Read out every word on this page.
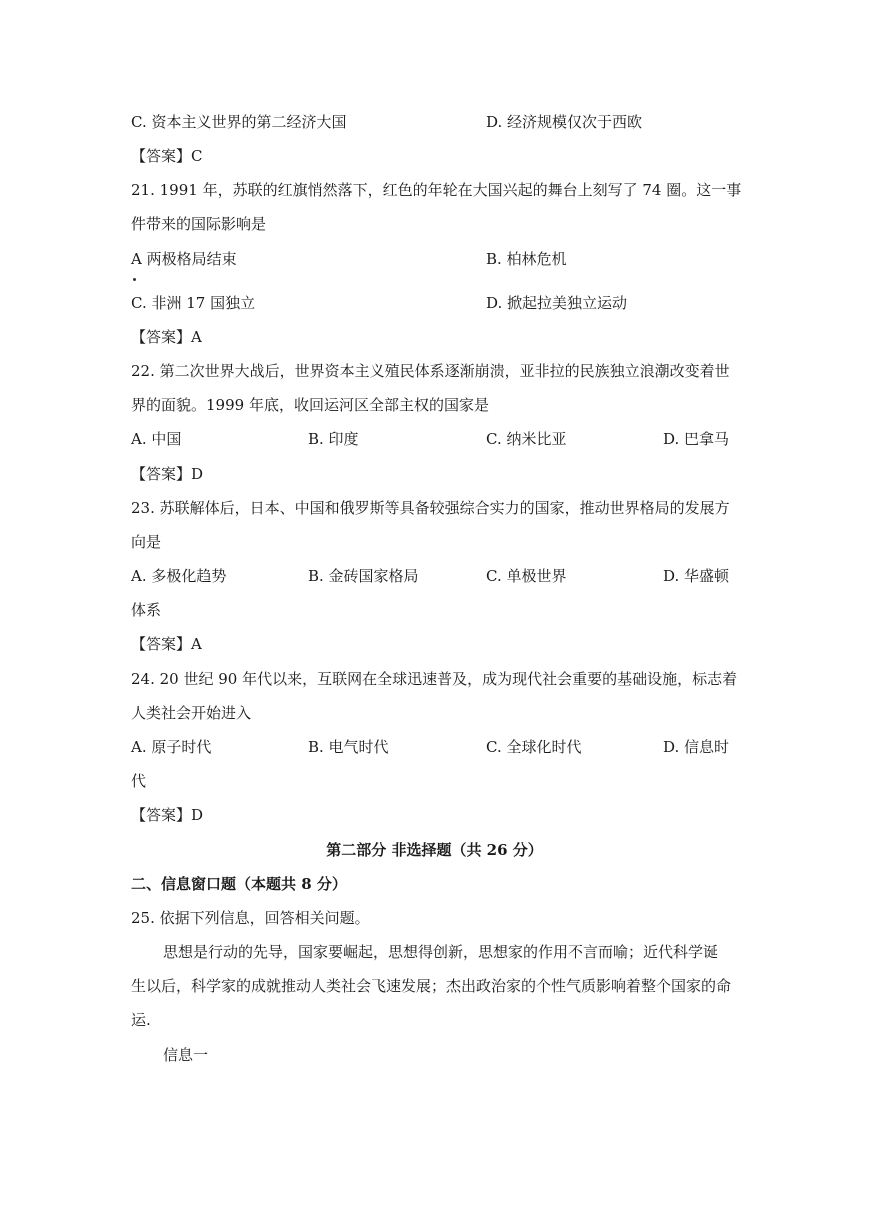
C. 资本主义世界的第二经济大国	D. 经济规模仅次于西欧
【答案】C
21. 1991 年，苏联的红旗悄然落下，红色的年轮在大国兴起的舞台上刻写了 74 圈。这一事
件带来的国际影响是
A 两极格局结束	B. 柏林危机
C. 非洲 17 国独立	D. 掀起拉美独立运动
【答案】A
22. 第二次世界大战后，世界资本主义殖民体系逐渐崩溃，亚非拉的民族独立浪潮改变着世
界的面貌。1999 年底，收回运河区全部主权的国家是
A. 中国	B. 印度	C. 纳米比亚	D. 巴拿马
【答案】D
23. 苏联解体后，日本、中国和俄罗斯等具备较强综合实力的国家，推动世界格局的发展方
向是
A. 多极化趋势	B. 金砖国家格局	C. 单极世界	D. 华盛顿
体系
【答案】A
24. 20 世纪 90 年代以来，互联网在全球迅速普及，成为现代社会重要的基础设施，标志着
人类社会开始进入
A. 原子时代	B. 电气时代	C. 全球化时代	D. 信息时
代
【答案】D
第二部分 非选择题（共 26 分）
二、信息窗口题（本题共 8 分）
25. 依据下列信息，回答相关问题。
思想是行动的先导，国家要崛起，思想得创新，思想家的作用不言而喻；近代科学诞
生以后，科学家的成就推动人类社会飞速发展；杰出政治家的个性气质影响着整个国家的命
运.
信息一
